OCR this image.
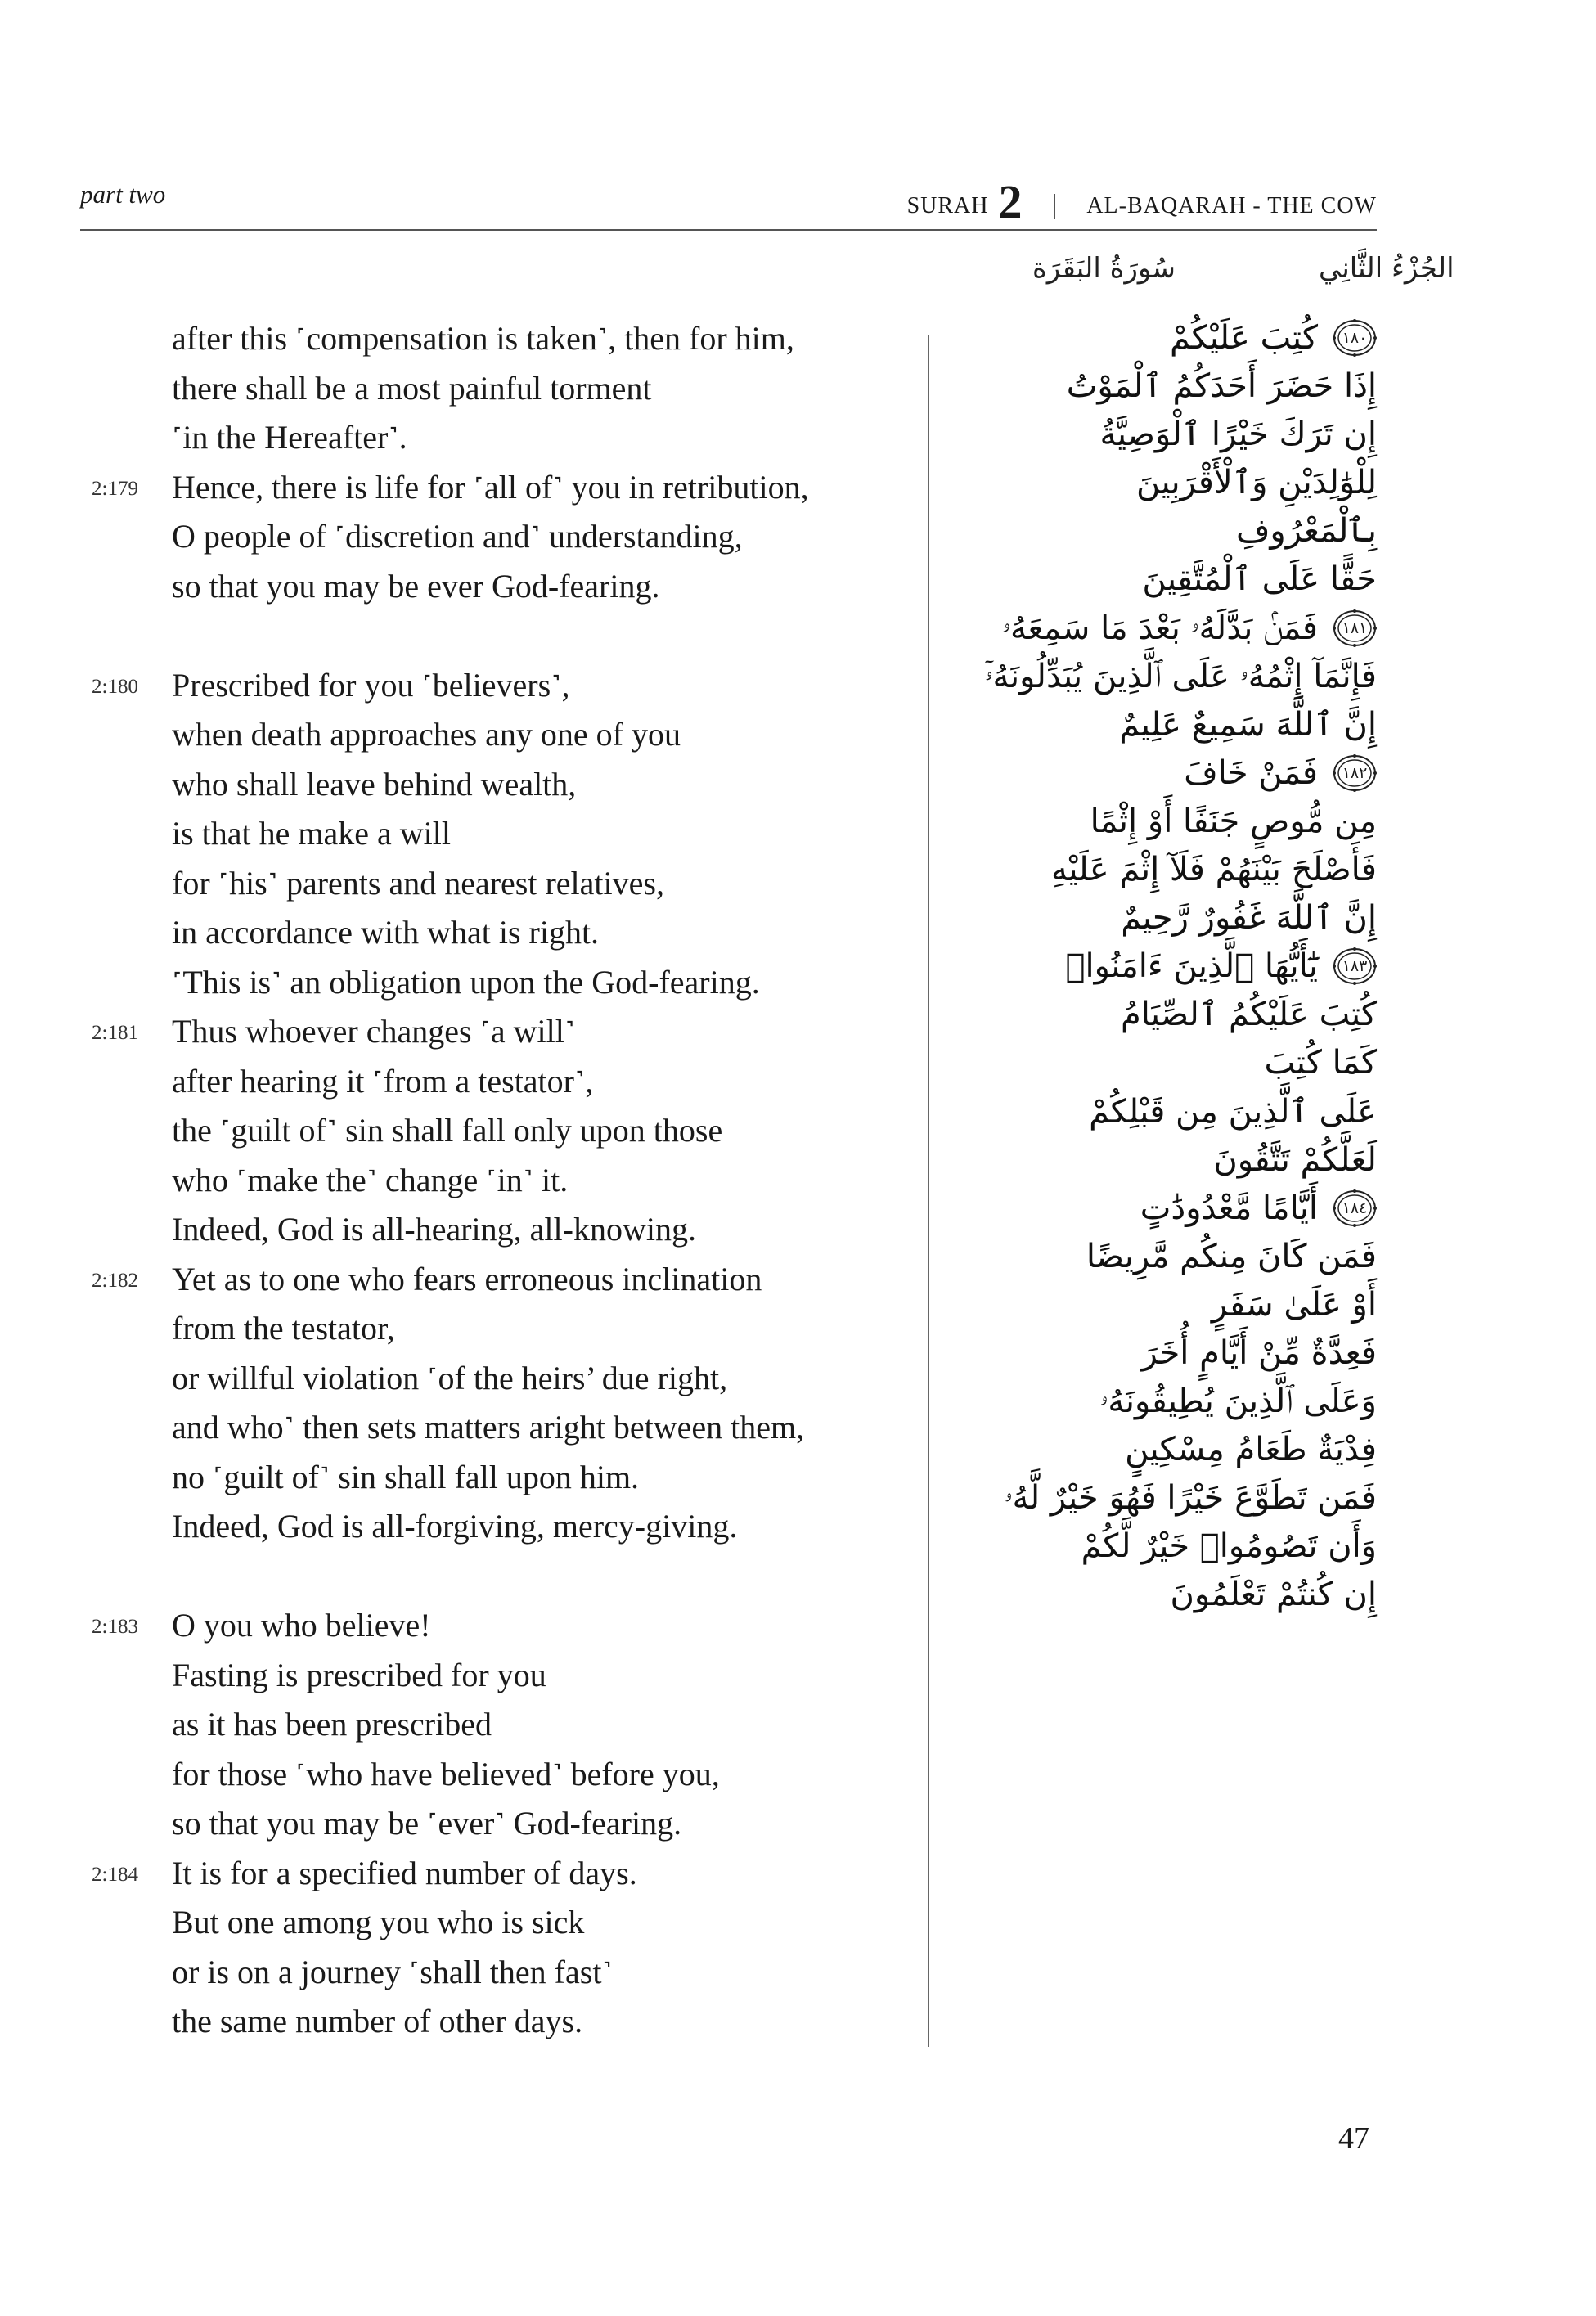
part two	SURAH 2 | AL-BAQARAH - THE COW
الجُزْءُ الثَّانِي
سُورَةُ البَقَرَة
after this ˹compensation is taken˺, then for him,
there shall be a most painful torment
˹in the Hereafter˺.
2:179 Hence, there is life for ˹all of˺ you in retribution,
O people of ˹discretion and˺ understanding,
so that you may be ever God-fearing.
2:180 Prescribed for you ˹believers˺,
when death approaches any one of you
who shall leave behind wealth,
is that he make a will
for ˹his˺ parents and nearest relatives,
in accordance with what is right.
˹This is˺ an obligation upon the God-fearing.
2:181 Thus whoever changes ˹a will˺
after hearing it ˹from a testator˺,
the ˹guilt of˺ sin shall fall only upon those
who ˹make the˺ change ˹in˺ it.
Indeed, God is all-hearing, all-knowing.
2:182 Yet as to one who fears erroneous inclination
from the testator,
or willful violation ˹of the heirs’ due right,
and who˺ then sets matters aright between them,
no ˹guilt of˺ sin shall fall upon him.
Indeed, God is all-forgiving, mercy-giving.
2:183 O you who believe!
Fasting is prescribed for you
as it has been prescribed
for those ˹who have believed˺ before you,
so that you may be ˹ever˺ God-fearing.
2:184 It is for a specified number of days.
But one among you who is sick
or is on a journey ˹shall then fast˺
the same number of other days.
كُتِبَ عَلَيْكُمْ	١٨٠
إِذَا حَضَرَ أَحَدَكُمُ ٱلْمَوْتُ
إِن تَرَكَ خَيْرًا ٱلْوَصِيَّةُ
لِلْوَٰلِدَيْنِ وَٱلْأَقْرَبِينَ
بِٱلْمَعْرُوفِ
حَقًّا عَلَى ٱلْمُتَّقِينَ
فَمَنۢ بَدَّلَهُۥ بَعْدَ مَا سَمِعَهُۥ	١٨١
فَإِنَّمَآ إِثْمُهُۥ عَلَى ٱلَّذِينَ يُبَدِّلُونَهُۥٓ
إِنَّ ٱللَّهَ سَمِيعٌ عَلِيمٌ
فَمَنْ خَافَ	١٨٢
مِن مُّوصٍ جَنَفًا أَوْ إِثْمًا
فَأَصْلَحَ بَيْنَهُمْ فَلَآ إِثْمَ عَلَيْهِ
إِنَّ ٱللَّهَ غَفُورٌ رَّحِيمٌ
يَٰٓأَيُّهَا ٱلَّذِينَ ءَامَنُوا۟	١٨٣
كُتِبَ عَلَيْكُمُ ٱلصِّيَامُ
كَمَا كُتِبَ
عَلَى ٱلَّذِينَ مِن قَبْلِكُمْ
لَعَلَّكُمْ تَتَّقُونَ
أَيَّامًا مَّعْدُودَٰتٍ	١٨٤
فَمَن كَانَ مِنكُم مَّرِيضًا
أَوْ عَلَىٰ سَفَرٍ
فَعِدَّةٌ مِّنْ أَيَّامٍ أُخَرَ
وَعَلَى ٱلَّذِينَ يُطِيقُونَهُۥ
فِدْيَةٌ طَعَامُ مِسْكِينٍ
فَمَن تَطَوَّعَ خَيْرًا فَهُوَ خَيْرٌ لَّهُۥ
وَأَن تَصُومُوا۟ خَيْرٌ لَّكُمْ
إِن كُنتُمْ تَعْلَمُونَ
47
